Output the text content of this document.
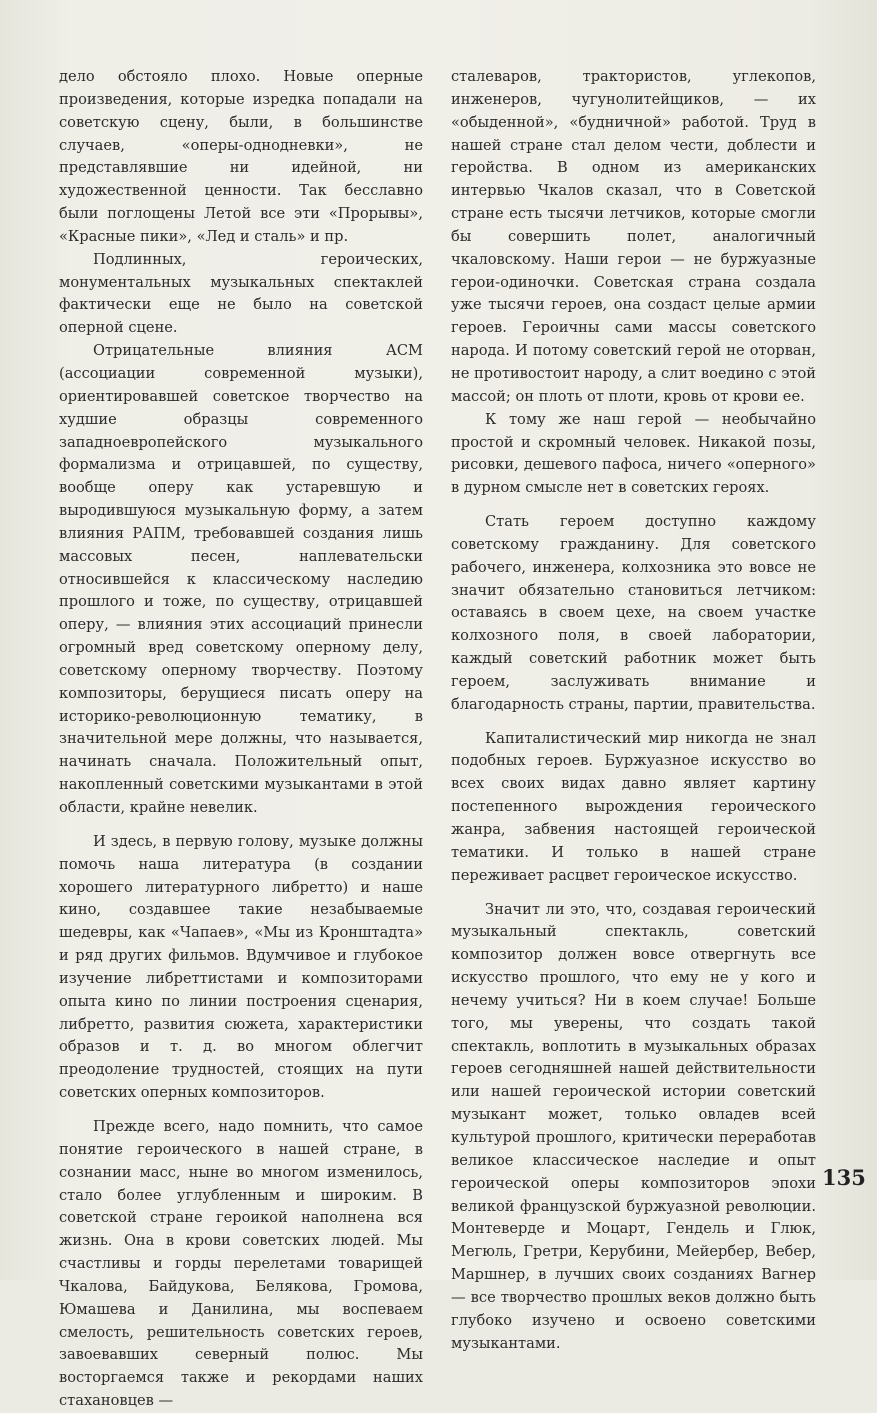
дело обстояло плохо. Новые оперные произведения, которые изредка попадали на советскую сцену, были, в большинстве случаев, «оперы-однодневки», не представлявшие ни идейной, ни художественной ценности. Так бесславно были поглощены Летой все эти «Прорывы», «Красные пики», «Лед и сталь» и пр.

Подлинных, героических, монументальных музыкальных спектаклей фактически еще не было на советской оперной сцене.

Отрицательные влияния АСМ (ассоциации современной музыки), ориентировавшей советское творчество на худшие образцы современного западноевропейского музыкального формализма и отрицавшей, по существу, вообще оперу как устаревшую и выродившуюся музыкальную форму, а затем влияния РАПМ, требовавшей создания лишь массовых песен, наплевательски относившейся к классическому наследию прошлого и тоже, по существу, отрицавшей оперу, — влияния этих ассоциаций принесли огромный вред советскому оперному делу, советскому оперному творчеству. Поэтому композиторы, берущиеся писать оперу на историко-революционную тематику, в значительной мере должны, что называется, начинать сначала. Положительный опыт, накопленный советскими музыкантами в этой области, крайне невелик.

И здесь, в первую голову, музыке должны помочь наша литература (в создании хорошего литературного либретто) и наше кино, создавшее такие незабываемые шедевры, как «Чапаев», «Мы из Кронштадта» и ряд других фильмов. Вдумчивое и глубокое изучение либреттистами и композиторами опыта кино по линии построения сценария, либретто, развития сюжета, характеристики образов и т. д. во многом облегчит преодоление трудностей, стоящих на пути советских оперных композиторов.

Прежде всего, надо помнить, что самое понятие героического в нашей стране, в сознании масс, ныне во многом изменилось, стало более углубленным и широким. В советской стране героикой наполнена вся жизнь. Она в крови советских людей. Мы счастливы и горды перелетами товарищей Чкалова, Байдукова, Белякова, Громова, Юмашева и Данилина, мы воспеваем смелость, решительность советских героев, завоевавших северный полюс. Мы восторгаемся также и рекордами наших стахановцев —

сталеваров, трактористов, углекопов, инженеров, чугунолитейщиков, — их «обыденной», «будничной» работой. Труд в нашей стране стал делом чести, доблести и геройства. В одном из американских интервью Чкалов сказал, что в Советской стране есть тысячи летчиков, которые смогли бы совершить полет, аналогичный чкаловскому. Наши герои — не буржуазные герои-одиночки. Советская страна создала уже тысячи героев, она создаст целые армии героев. Героичны сами массы советского народа. И потому советский герой не оторван, не противостоит народу, а слит воедино с этой массой; он плоть от плоти, кровь от крови ее.

К тому же наш герой — необычайно простой и скромный человек. Никакой позы, рисовки, дешевого пафоса, ничего «оперного» в дурном смысле нет в советских героях.

Стать героем доступно каждому советскому гражданину. Для советского рабочего, инженера, колхозника это вовсе не значит обязательно становиться летчиком: оставаясь в своем цехе, на своем участке колхозного поля, в своей лаборатории, каждый советский работник может быть героем, заслуживать внимание и благодарность страны, партии, правительства.

Капиталистический мир никогда не знал подобных героев. Буржуазное искусство во всех своих видах давно являет картину постепенного вырождения героического жанра, забвения настоящей героической тематики. И только в нашей стране переживает расцвет героическое искусство.

Значит ли это, что, создавая героический музыкальный спектакль, советский композитор должен вовсе отвергнуть все искусство прошлого, что ему не у кого и нечему учиться? Ни в коем случае! Больше того, мы уверены, что создать такой спектакль, воплотить в музыкальных образах героев сегодняшней нашей действительности или нашей героической истории советский музыкант может, только овладев всей культурой прошлого, критически переработав великое классическое наследие и опыт героической оперы композиторов эпохи великой французской буржуазной революции. Монтеверде и Моцарт, Гендель и Глюк, Мегюль, Гретри, Керубини, Мейербер, Вебер, Маршнер, в лучших своих созданиях Вагнер — все творчество прошлых веков должно быть глубоко изучено и освоено советскими музыкантами.

135
